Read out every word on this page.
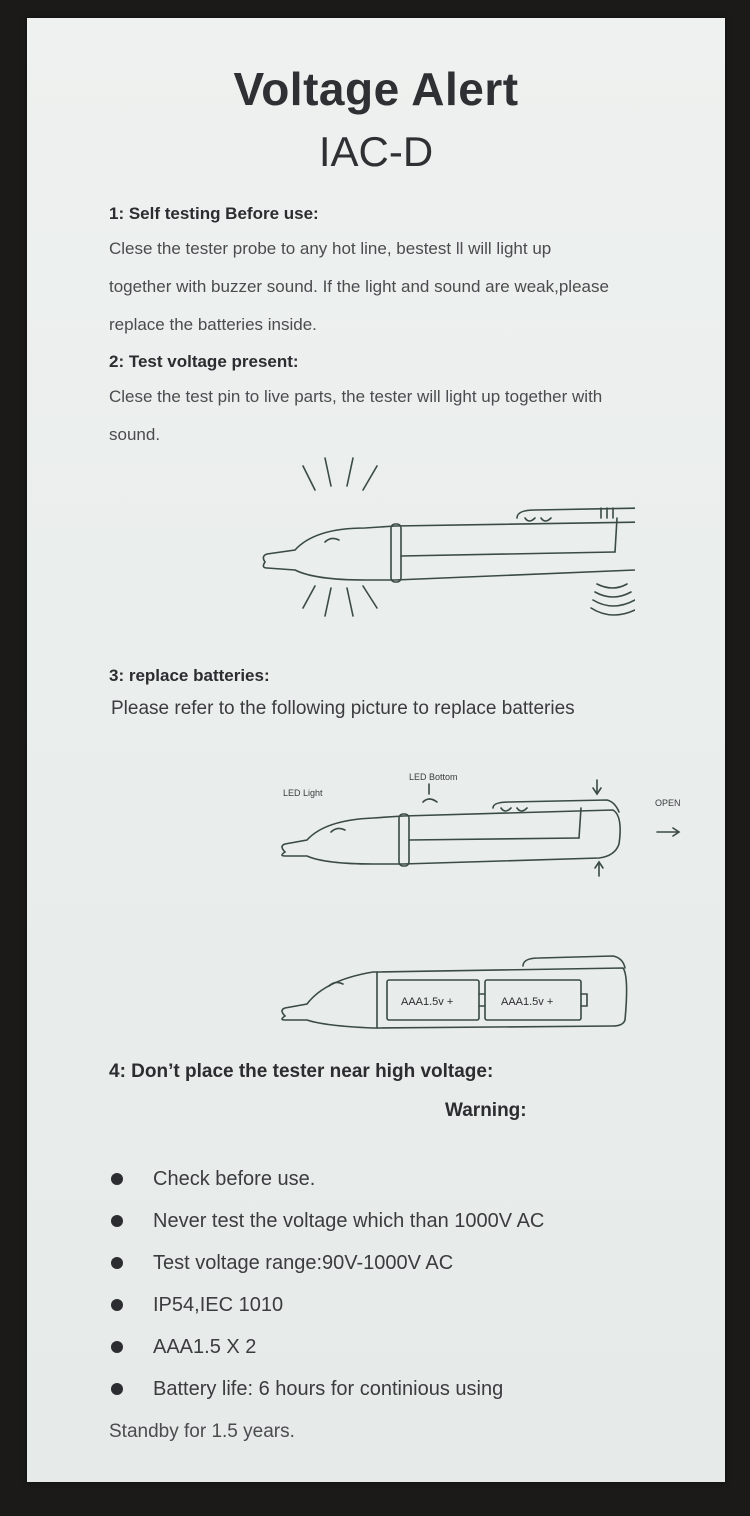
Voltage Alert
IAC-D
1: Self testing Before use:
Clese the tester probe to any hot line, bestest ll will light up
together with buzzer sound. If the light and sound are weak,please
replace the batteries inside.
2: Test voltage present:
Clese the test pin to live parts, the tester will light up together with
sound.
3: replace batteries:
Please refer to the following picture to replace batteries
LED Light
LED Bottom
OPEN
AAA1.5v +	AAA1.5v +
4: Don’t place the tester near high voltage:
Warning:
Check before use.
Never test the voltage which than 1000V AC
Test voltage range:90V-1000V AC
IP54,IEC 1010
AAA1.5 X 2
Battery life: 6 hours for continious using
Standby for 1.5 years.
